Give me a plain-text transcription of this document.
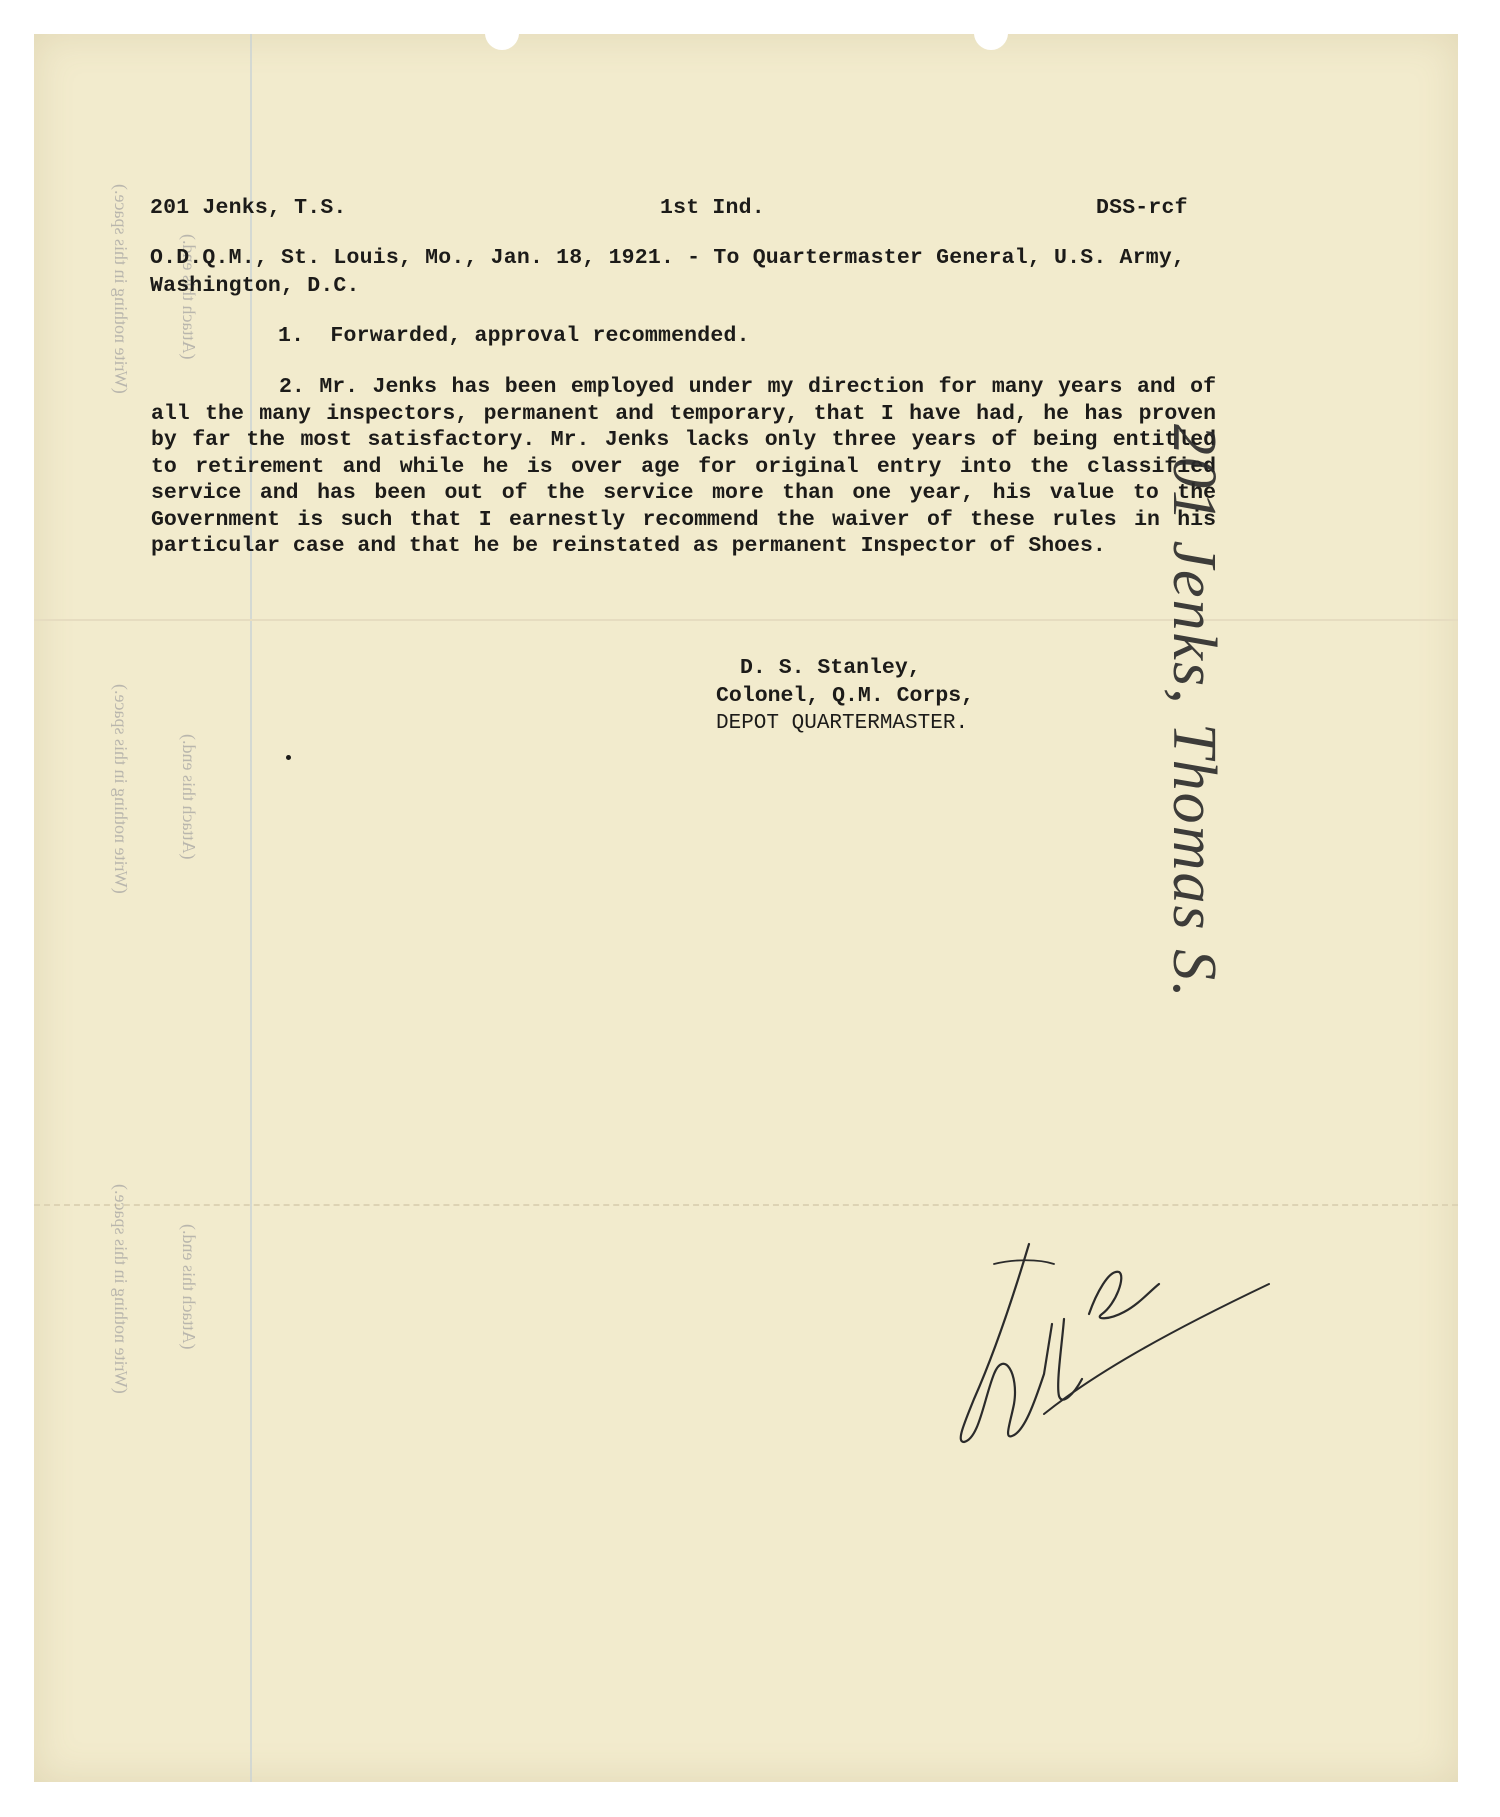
(Write nothing in this space.)	(Attach this end.)
(Write nothing in this space.)	(Attach this end.)
(Write nothing in this space.)	(Attach this end.)
201 Jenks, T.S.	1st Ind.	DSS-rcf
O.D.Q.M., St. Louis, Mo., Jan. 18, 1921. - To Quartermaster General, U.S. Army,
Washington, D.C.
1.  Forwarded, approval recommended.
2. Mr. Jenks has been employed under my direction for many years and of all the many inspectors, permanent and temporary, that I have had, he has proven by far the most satisfactory. Mr. Jenks lacks only three years of being entitled to retirement and while he is over age for original entry into the classified service and has been out of the service more than one year, his value to the Government is such that I earnestly recommend the waiver of these rules in his particular case and that he be reinstated as permanent Inspector of Shoes.
D. S. Stanley,
Colonel, Q.M. Corps,
DEPOT QUARTERMASTER.	201 Jenks, Thomas S.
